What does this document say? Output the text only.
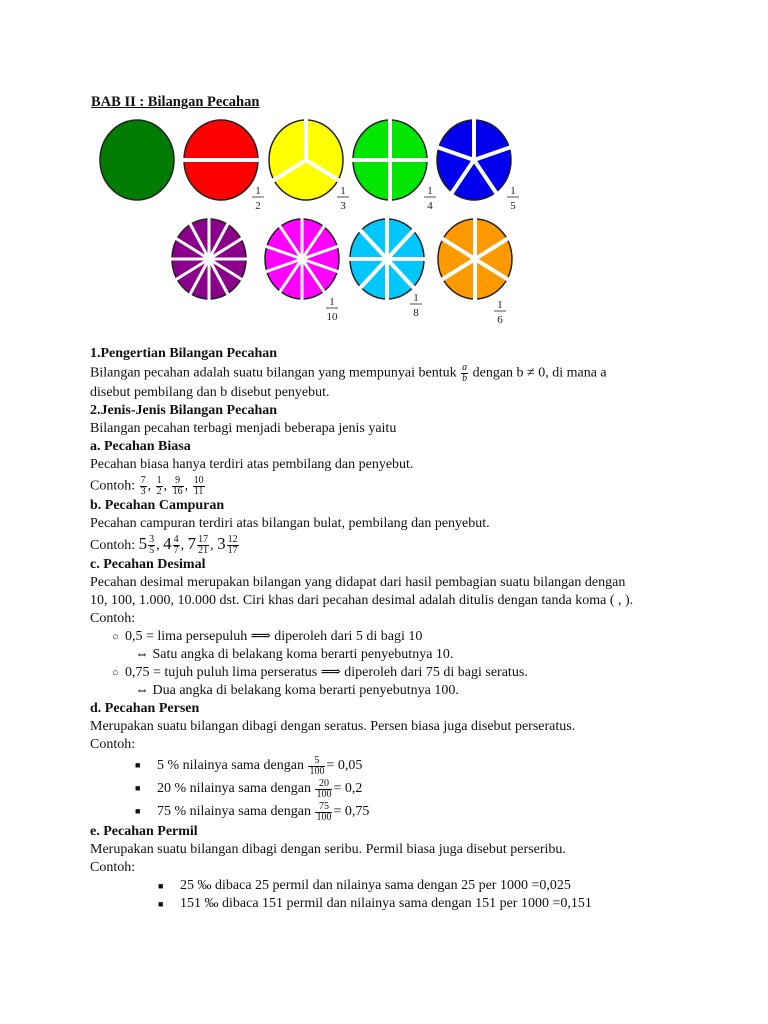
BAB II : Bilangan Pecahan
1
2
1
3
1
4
1
5
1
10
1
8
1
6
1.Pengertian Bilangan Pecahan
Bilangan pecahan adalah suatu bilangan yang mempunyai bentuk $\frac{a}{b}$ dengan b ≠ 0, di mana a
disebut pembilang dan b disebut penyebut.
2.Jenis-Jenis Bilangan Pecahan
Bilangan pecahan terbagi menjadi beberapa jenis yaitu
a. Pecahan Biasa
Pecahan biasa hanya terdiri atas pembilang dan penyebut.
Contoh: $\frac{7}{3}$ , $\frac{1}{2}$ , $\frac{9}{16}$ , $\frac{10}{11}$
b. Pecahan Campuran
Pecahan campuran terdiri atas bilangan bulat, pembilang dan penyebut.
Contoh: $5 \frac{3}{5}$ , $4 \frac{4}{7}$ , $7 \frac{17}{21}$ , $3 \frac{12}{17}$
c. Pecahan Desimal
Pecahan desimal merupakan bilangan yang didapat dari hasil pembagian suatu bilangan dengan
10, 100, 1.000, 10.000 dst. Ciri khas dari pecahan desimal adalah ditulis dengan tanda koma ( , ).
Contoh:
○ 0,5 = lima persepuluh ⟹ diperoleh dari 5 di bagi 10
⇔ Satu angka di belakang koma berarti penyebutnya 10.
○ 0,75 = tujuh puluh lima perseratus ⟹ diperoleh dari 75 di bagi seratus.
⇔ Dua angka di belakang koma berarti penyebutnya 100.
d. Pecahan Persen
Merupakan suatu bilangan dibagi dengan seratus. Persen biasa juga disebut perseratus.
Contoh:
■ 5 % nilainya sama dengan $\frac{5}{100} = 0,05$
■ 20 % nilainya sama dengan $\frac{20}{100} = 0,2$
■ 75 % nilainya sama dengan $\frac{75}{100} = 0,75$
e. Pecahan Permil
Merupakan suatu bilangan dibagi dengan seribu. Permil biasa juga disebut perseribu.
Contoh:
■ 25 ‰ dibaca 25 permil dan nilainya sama dengan 25 per 1000 =0,025
■ 151 ‰ dibaca 151 permil dan nilainya sama dengan 151 per 1000 =0,151
